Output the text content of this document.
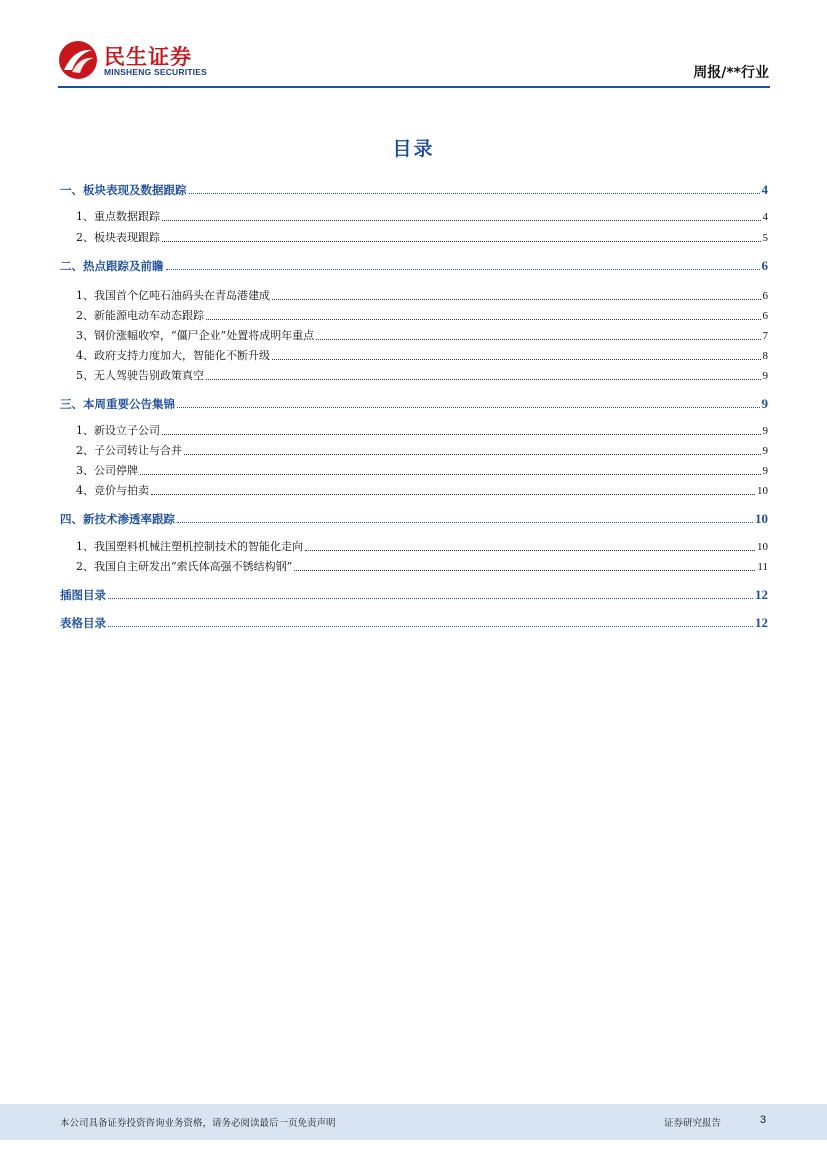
民生证券
MINSHENG SECURITIES	周报/**行业
目录
一、板块表现及数据跟踪	4
1、重点数据跟踪	4
2、板块表现跟踪	5
二、热点跟踪及前瞻	6
1、我国首个亿吨石油码头在青岛港建成	6
2、新能源电动车动态跟踪	6
3、钢价涨幅收窄，“僵尸企业”处置将成明年重点	7
4、政府支持力度加大，智能化不断升级	8
5、无人驾驶告别政策真空	9
三、本周重要公告集锦	9
1、新设立子公司	9
2、子公司转让与合并	9
3、公司停牌	9
4、竞价与拍卖	10
四、新技术渗透率跟踪	10
1、我国塑料机械注塑机控制技术的智能化走向	10
2、我国自主研发出“索氏体高强不锈结构钢”	11
插图目录	12
表格目录	12
本公司具备证券投资咨询业务资格，请务必阅读最后一页免责声明	证券研究报告	3
